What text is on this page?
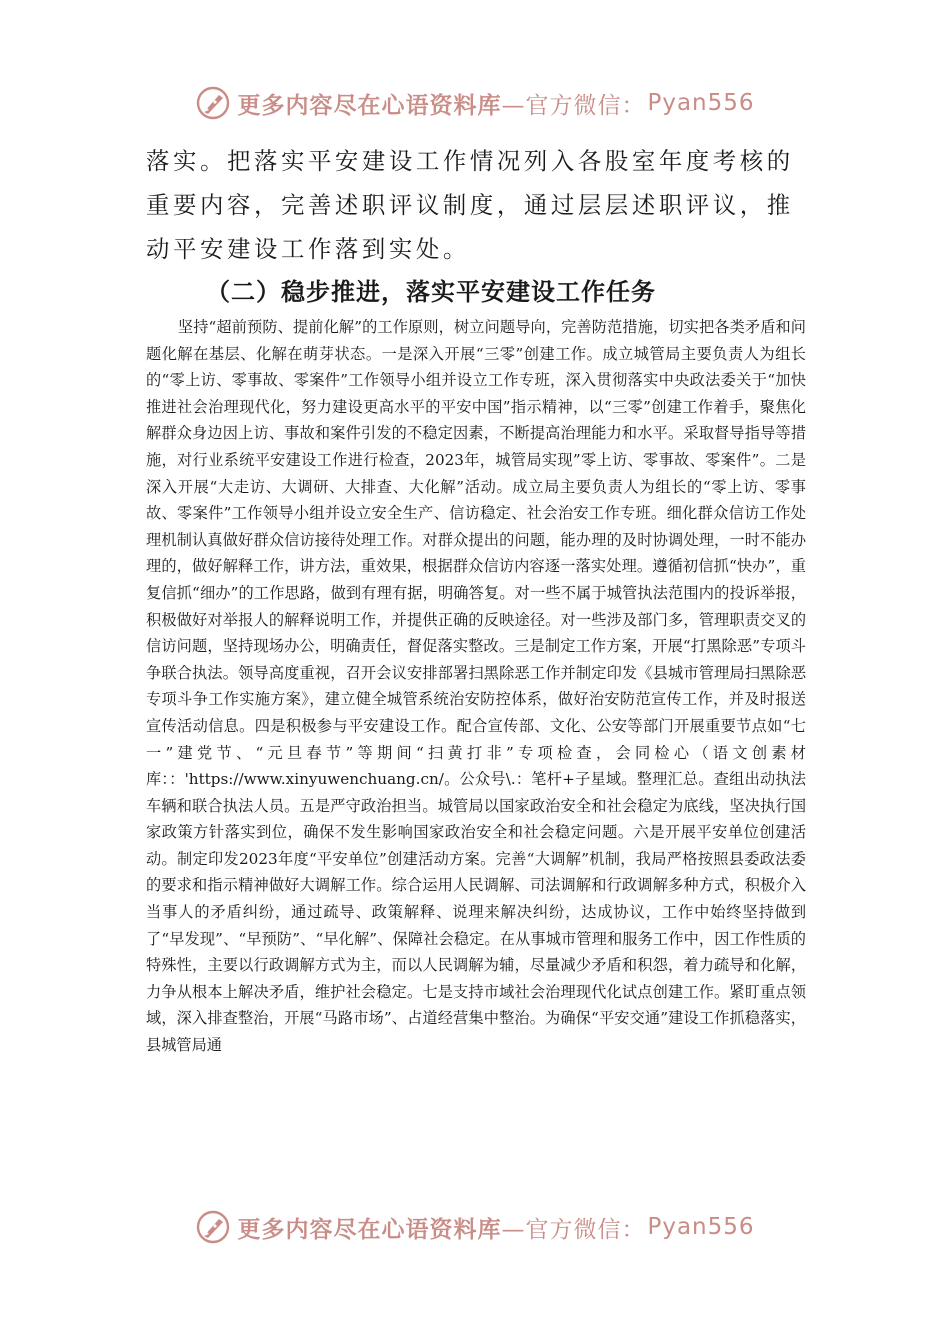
更多内容尽在心语资料库 —官方微信： Pyan556

落实。把落实平安建设工作情况列入各股室年度考核的重要内容，完善述职评议制度，通过层层述职评议，推动平安建设工作落到实处。

（二）稳步推进，落实平安建设工作任务

坚持“超前预防、提前化解”的工作原则，树立问题导向，完善防范措施，切实把各类矛盾和问题化解在基层、化解在萌芽状态。一是深入开展“三零”创建工作。成立城管局主要负责人为组长的“零上访、零事故、零案件”工作领导小组并设立工作专班，深入贯彻落实中央政法委关于“加快推进社会治理现代化，努力建设更高水平的平安中国”指示精神，以“三零”创建工作着手，聚焦化解群众身边因上访、事故和案件引发的不稳定因素，不断提高治理能力和水平。采取督导指导等措施，对行业系统平安建设工作进行检查，2023年，城管局实现”零上访、零事故、零案件”。二是深入开展“大走访、大调研、大排查、大化解”活动。成立局主要负责人为组长的“零上访、零事故、零案件”工作领导小组并设立安全生产、信访稳定、社会治安工作专班。细化群众信访工作处理机制认真做好群众信访接待处理工作。对群众提出的问题，能办理的及时协调处理，一时不能办理的，做好解释工作，讲方法，重效果，根据群众信访内容逐一落实处理。遵循初信抓“快办”，重复信抓“细办”的工作思路，做到有理有据，明确答复。对一些不属于城管执法范围内的投诉举报，积极做好对举报人的解释说明工作，并提供正确的反映途径。对一些涉及部门多，管理职责交叉的信访问题，坚持现场办公，明确责任，督促落实整改。三是制定工作方案，开展“打黑除恶”专项斗争联合执法。领导高度重视，召开会议安排部署扫黑除恶工作并制定印发《县城市管理局扫黑除恶专项斗争工作实施方案》，建立健全城管系统治安防控体系，做好治安防范宣传工作，并及时报送宣传活动信息。四是积极参与平安建设工作。配合宣传部、文化、公安等部门开展重要节点如“七一”建党节、“元旦春节”等期间“扫黄打非”专项检查，会同检心（语文创素材库：：'https://www.xinyuwenchuang.cn/。公众号\.：笔杆+子星域。整理汇总。查组出动执法车辆和联合执法人员。五是严守政治担当。城管局以国家政治安全和社会稳定为底线，坚决执行国家政策方针落实到位，确保不发生影响国家政治安全和社会稳定问题。六是开展平安单位创建活动。制定印发2023年度“平安单位”创建活动方案。完善“大调解”机制，我局严格按照县委政法委的要求和指示精神做好大调解工作。综合运用人民调解、司法调解和行政调解多种方式，积极介入当事人的矛盾纠纷，通过疏导、政策解释、说理来解决纠纷，达成协议，工作中始终坚持做到了“早发现”、“早预防”、“早化解”、保障社会稳定。在从事城市管理和服务工作中，因工作性质的特殊性，主要以行政调解方式为主，而以人民调解为辅，尽量减少矛盾和积怨，着力疏导和化解，力争从根本上解决矛盾，维护社会稳定。七是支持市域社会治理现代化试点创建工作。紧盯重点领域，深入排查整治，开展“马路市场”、占道经营集中整治。为确保“平安交通”建设工作抓稳落实，县城管局通

更多内容尽在心语资料库 —官方微信： Pyan556
